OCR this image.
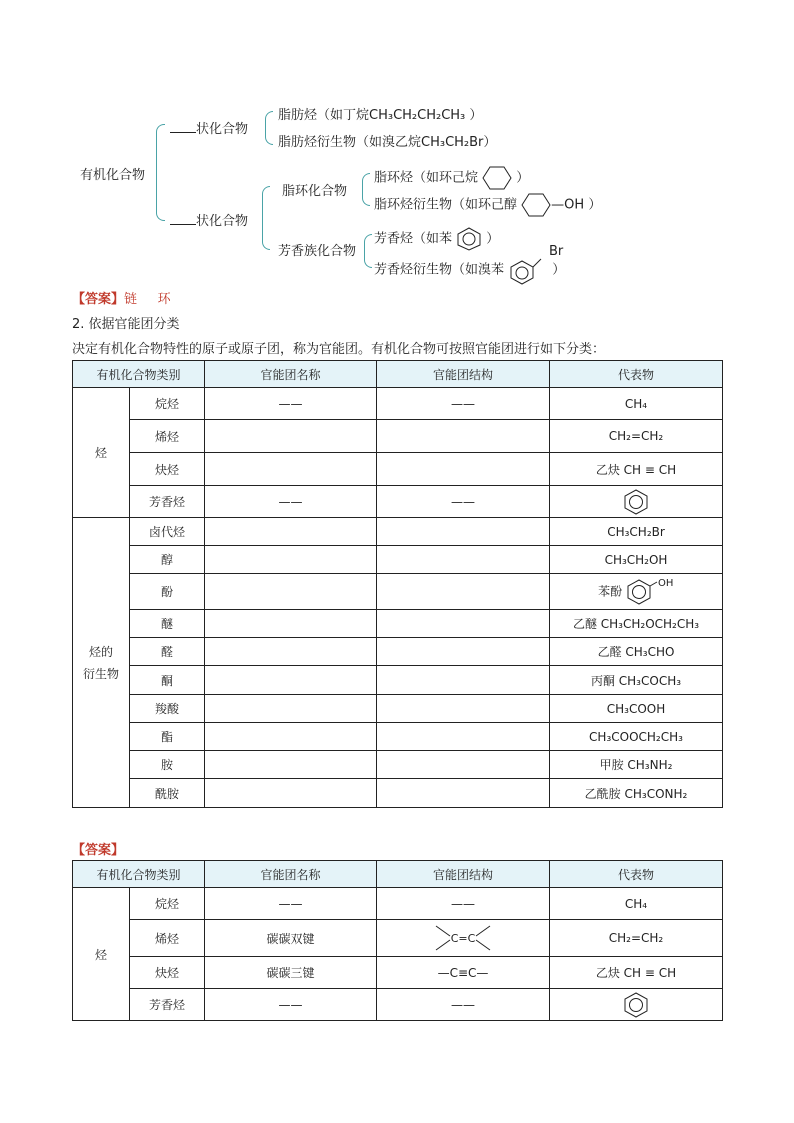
有机化合物
状化合物
脂肪烃（如丁烷CH₃CH₂CH₂CH₃ ）
脂肪烃衍生物（如溴乙烷CH₃CH₂Br）
状化合物
脂环化合物
脂环烃（如环己烷	）
脂环烃衍生物（如环己醇	—OH ）
芳香族化合物
芳香烃（如苯	）
芳香烃衍生物（如溴苯	）
Br
【答案】链     环
2. 依据官能团分类
决定有机化合物特性的原子或原子团，称为官能团。有机化合物可按照官能团进行如下分类：
有机化合物类别		官能团名称	官能团结构	代表物
烃	烷烃	——	——	CH₄
	烯烃			CH₂=CH₂
	炔烃			乙炔 CH ≡ CH
	芳香烃	——	——	
烃的
衍生物	卤代烃			CH₃CH₂Br
	醇			CH₃CH₂OH
	酚			苯酚
OH

	醚			乙醚 CH₃CH₂OCH₂CH₃
	醛			乙醛 CH₃CHO
	酮			丙酮 CH₃COCH₃
	羧酸			CH₃COOH
	酯			CH₃COOCH₂CH₃
	胺			甲胺 CH₃NH₂
	酰胺			乙酰胺 CH₃CONH₂
【答案】
有机化合物类别		官能团名称	官能团结构	代表物
烃	烷烃	——	——	CH₄
	烯烃	碳碳双键	C=C	CH₂=CH₂
	炔烃	碳碳三键	—C≡C—	乙炔 CH ≡ CH
	芳香烃	——	——	
